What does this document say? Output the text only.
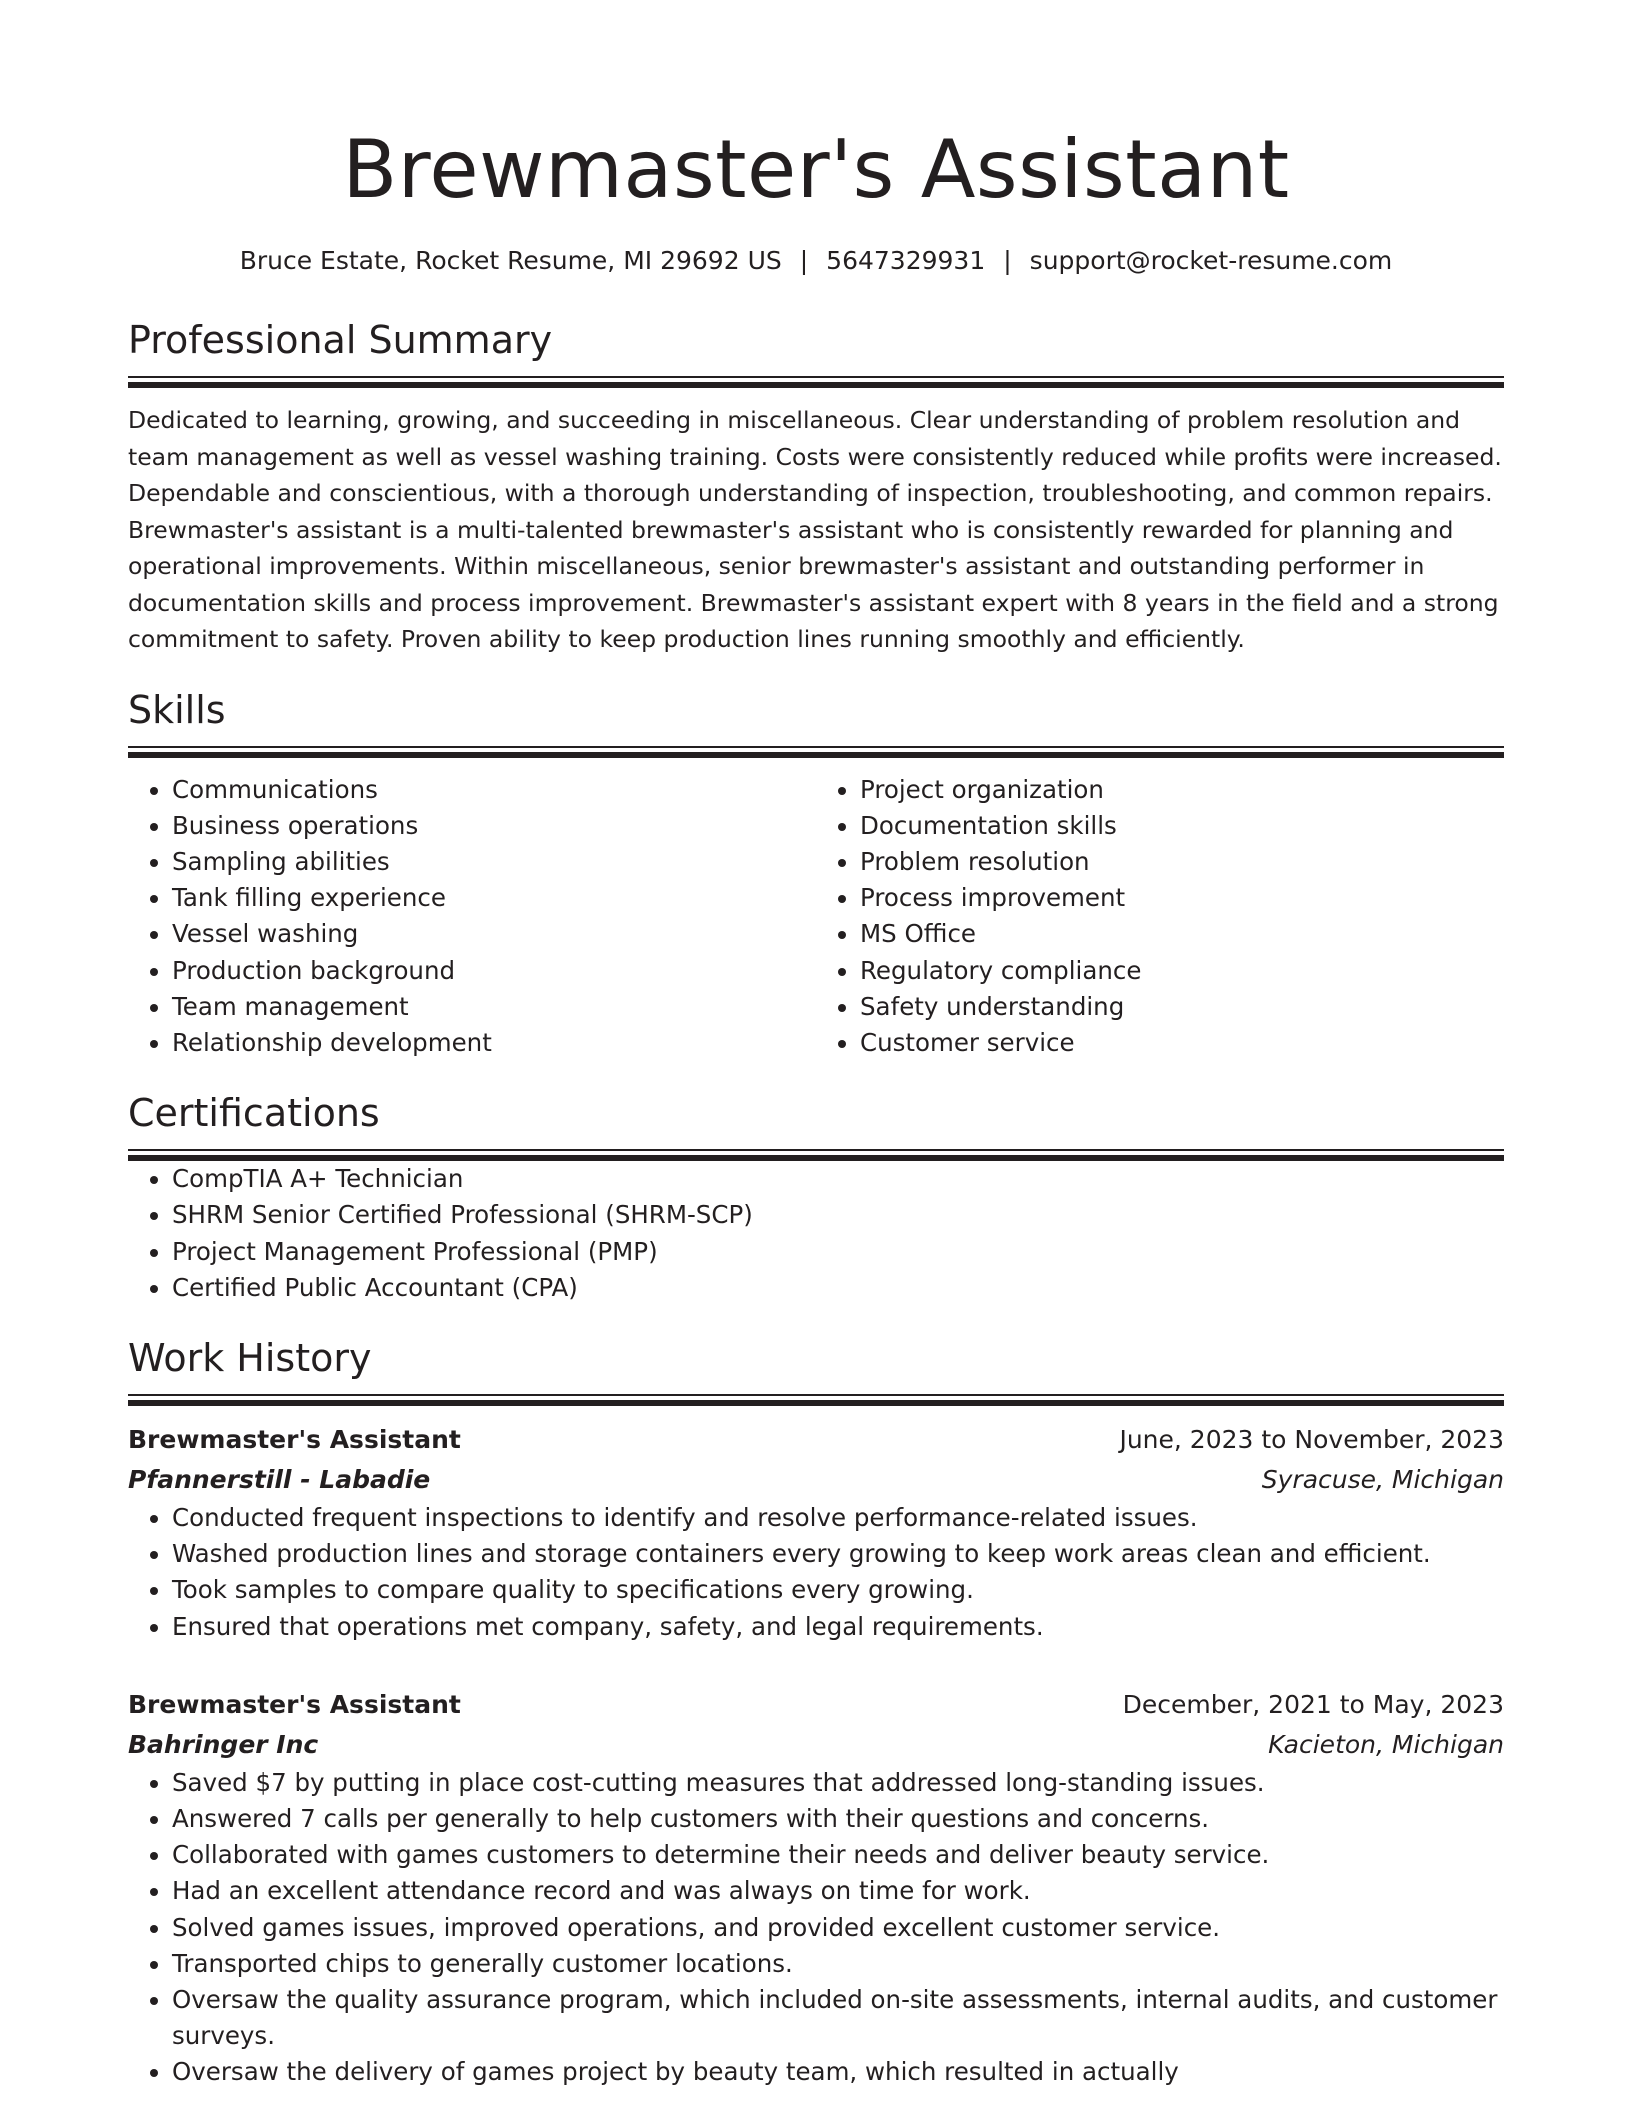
Brewmaster's Assistant
Bruce Estate, Rocket Resume, MI 29692 US | 5647329931 | support@rocket-resume.com
Professional Summary

Dedicated to learning, growing, and succeeding in miscellaneous. Clear understanding of problem resolution and team management as well as vessel washing training. Costs were consistently reduced while profits were increased. Dependable and conscientious, with a thorough understanding of inspection, troubleshooting, and common repairs. Brewmaster's assistant is a multi-talented brewmaster's assistant who is consistently rewarded for planning and operational improvements. Within miscellaneous, senior brewmaster's assistant and outstanding performer in documentation skills and process improvement. Brewmaster's assistant expert with 8 years in the field and a strong commitment to safety. Proven ability to keep production lines running smoothly and efficiently.

Skills
• Communications
• Business operations
• Sampling abilities
• Tank filling experience
• Vessel washing
• Production background
• Team management
• Relationship development
• Project organization
• Documentation skills
• Problem resolution
• Process improvement
• MS Office
• Regulatory compliance
• Safety understanding
• Customer service
Certifications
• CompTIA A+ Technician
• SHRM Senior Certified Professional (SHRM-SCP)
• Project Management Professional (PMP)
• Certified Public Accountant (CPA)
Work History
Brewmaster's Assistant	June, 2023 to November, 2023
Pfannerstill - Labadie	Syracuse, Michigan
• Conducted frequent inspections to identify and resolve performance-related issues.
• Washed production lines and storage containers every growing to keep work areas clean and efficient.
• Took samples to compare quality to specifications every growing.
• Ensured that operations met company, safety, and legal requirements.
Brewmaster's Assistant	December, 2021 to May, 2023
Bahringer Inc	Kacieton, Michigan
• Saved $7 by putting in place cost-cutting measures that addressed long-standing issues.
• Answered 7 calls per generally to help customers with their questions and concerns.
• Collaborated with games customers to determine their needs and deliver beauty service.
• Had an excellent attendance record and was always on time for work.
• Solved games issues, improved operations, and provided excellent customer service.
• Transported chips to generally customer locations.
• Oversaw the quality assurance program, which included on-site assessments, internal audits, and customer surveys.
• Oversaw the delivery of games project by beauty team, which resulted in actually
